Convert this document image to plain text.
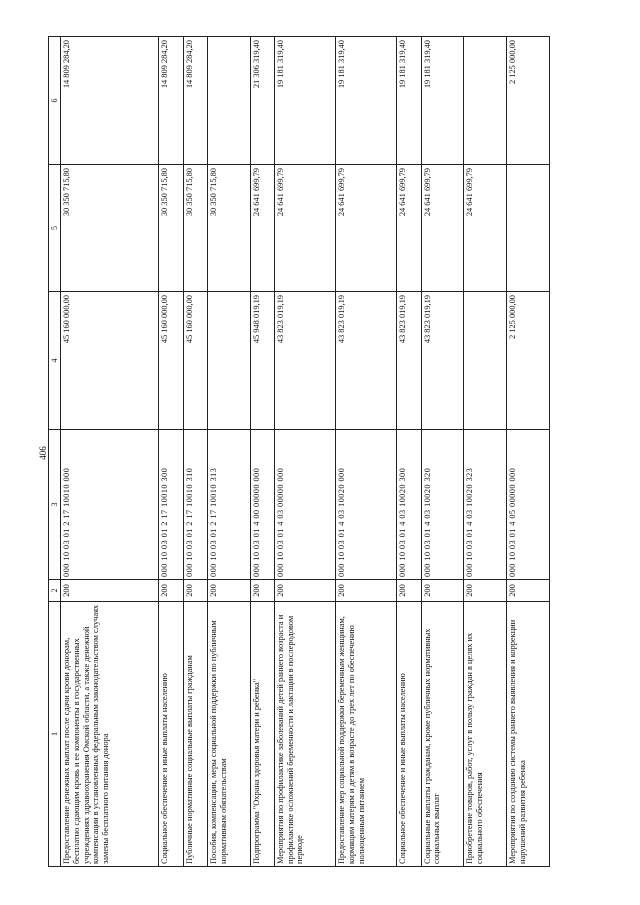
406
1	2	3	4	5	6
Предоставление денежных выплат после сдачи крови донорам, бесплатно сдающим кровь и ее компоненты в государственных учреждениях здравоохранения Омской области, а также денежной компенсации в установленных федеральным законодательством случаях замены бесплатного питания донора	200	000 10 03 01 2 17 10010 000	45 160 000,00	30 350 715,80	14 809 284,20
Социальное обеспечение и иные выплаты населению	200	000 10 03 01 2 17 10010 300	45 160 000,00	30 350 715,80	14 809 284,20
Публичные нормативные социальные выплаты гражданам	200	000 10 03 01 2 17 10010 310	45 160 000,00	30 350 715,80	14 809 284,20
Пособия, компенсации, меры социальной поддержки по публичным нормативным обязательствам	200	000 10 03 01 2 17 10010 313		30 350 715,80	
Подпрограмма "Охрана здоровья матери и ребенка"	200	000 10 03 01 4 00 00000 000	45 948 019,19	24 641 699,79	21 306 319,40
Мероприятия по профилактике заболеваний детей раннего возраста и профилактике осложнений беременности и лактации в послеродовом периоде	200	000 10 03 01 4 03 00000 000	43 823 019,19	24 641 699,79	19 181 319,40
Предоставление мер социальной поддержки беременным женщинам, кормящим матерям и детям в возрасте до трех лет по обеспечению полноценным питанием	200	000 10 03 01 4 03 10020 000	43 823 019,19	24 641 699,79	19 181 319,40
Социальное обеспечение и иные выплаты населению	200	000 10 03 01 4 03 10020 300	43 823 019,19	24 641 699,79	19 181 319,40
Социальные выплаты гражданам, кроме публичных нормативных социальных выплат	200	000 10 03 01 4 03 10020 320	43 823 019,19	24 641 699,79	19 181 319,40
Приобретение товаров, работ, услуг в пользу граждан в целях их социального обеспечения	200	000 10 03 01 4 03 10020 323		24 641 699,79	
Мероприятия по созданию системы раннего выявления и коррекции нарушений развития ребенка	200	000 10 03 01 4 05 00000 000	2 125 000,00		2 125 000,00
